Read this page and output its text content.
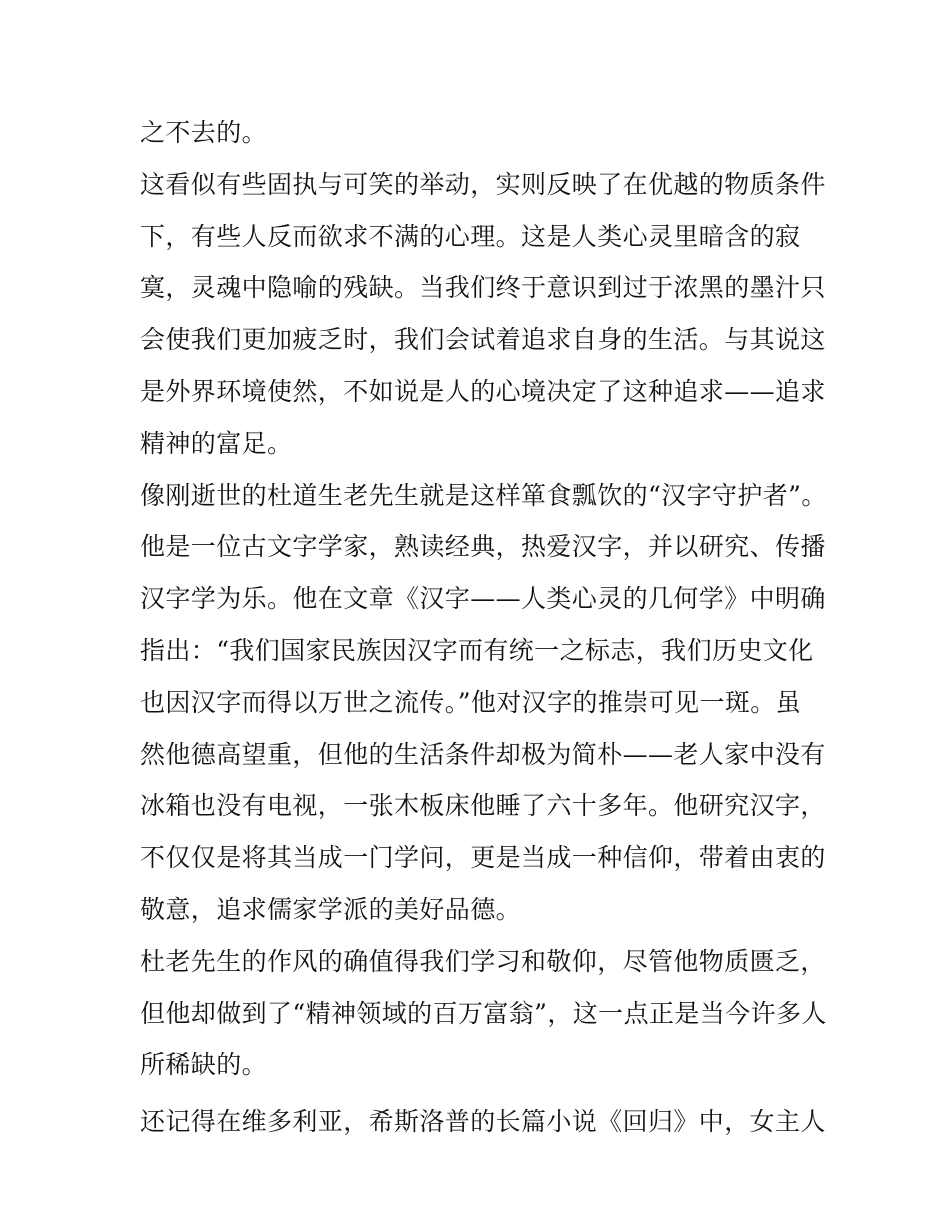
之不去的。
这看似有些固执与可笑的举动，实则反映了在优越的物质条件
下，有些人反而欲求不满的心理。这是人类心灵里暗含的寂
寞，灵魂中隐喻的残缺。当我们终于意识到过于浓黑的墨汁只
会使我们更加疲乏时，我们会试着追求自身的生活。与其说这
是外界环境使然，不如说是人的心境决定了这种追求——追求
精神的富足。
像刚逝世的杜道生老先生就是这样箪食瓢饮的“汉字守护者”。
他是一位古文字学家，熟读经典，热爱汉字，并以研究、传播
汉字学为乐。他在文章《汉字——人类心灵的几何学》中明确
指出：“我们国家民族因汉字而有统一之标志，我们历史文化
也因汉字而得以万世之流传。”他对汉字的推崇可见一斑。虽
然他德高望重，但他的生活条件却极为简朴——老人家中没有
冰箱也没有电视，一张木板床他睡了六十多年。他研究汉字，
不仅仅是将其当成一门学问，更是当成一种信仰，带着由衷的
敬意，追求儒家学派的美好品德。
杜老先生的作风的确值得我们学习和敬仰，尽管他物质匮乏，
但他却做到了“精神领域的百万富翁”，这一点正是当今许多人
所稀缺的。
还记得在维多利亚，希斯洛普的长篇小说《回归》中，女主人
